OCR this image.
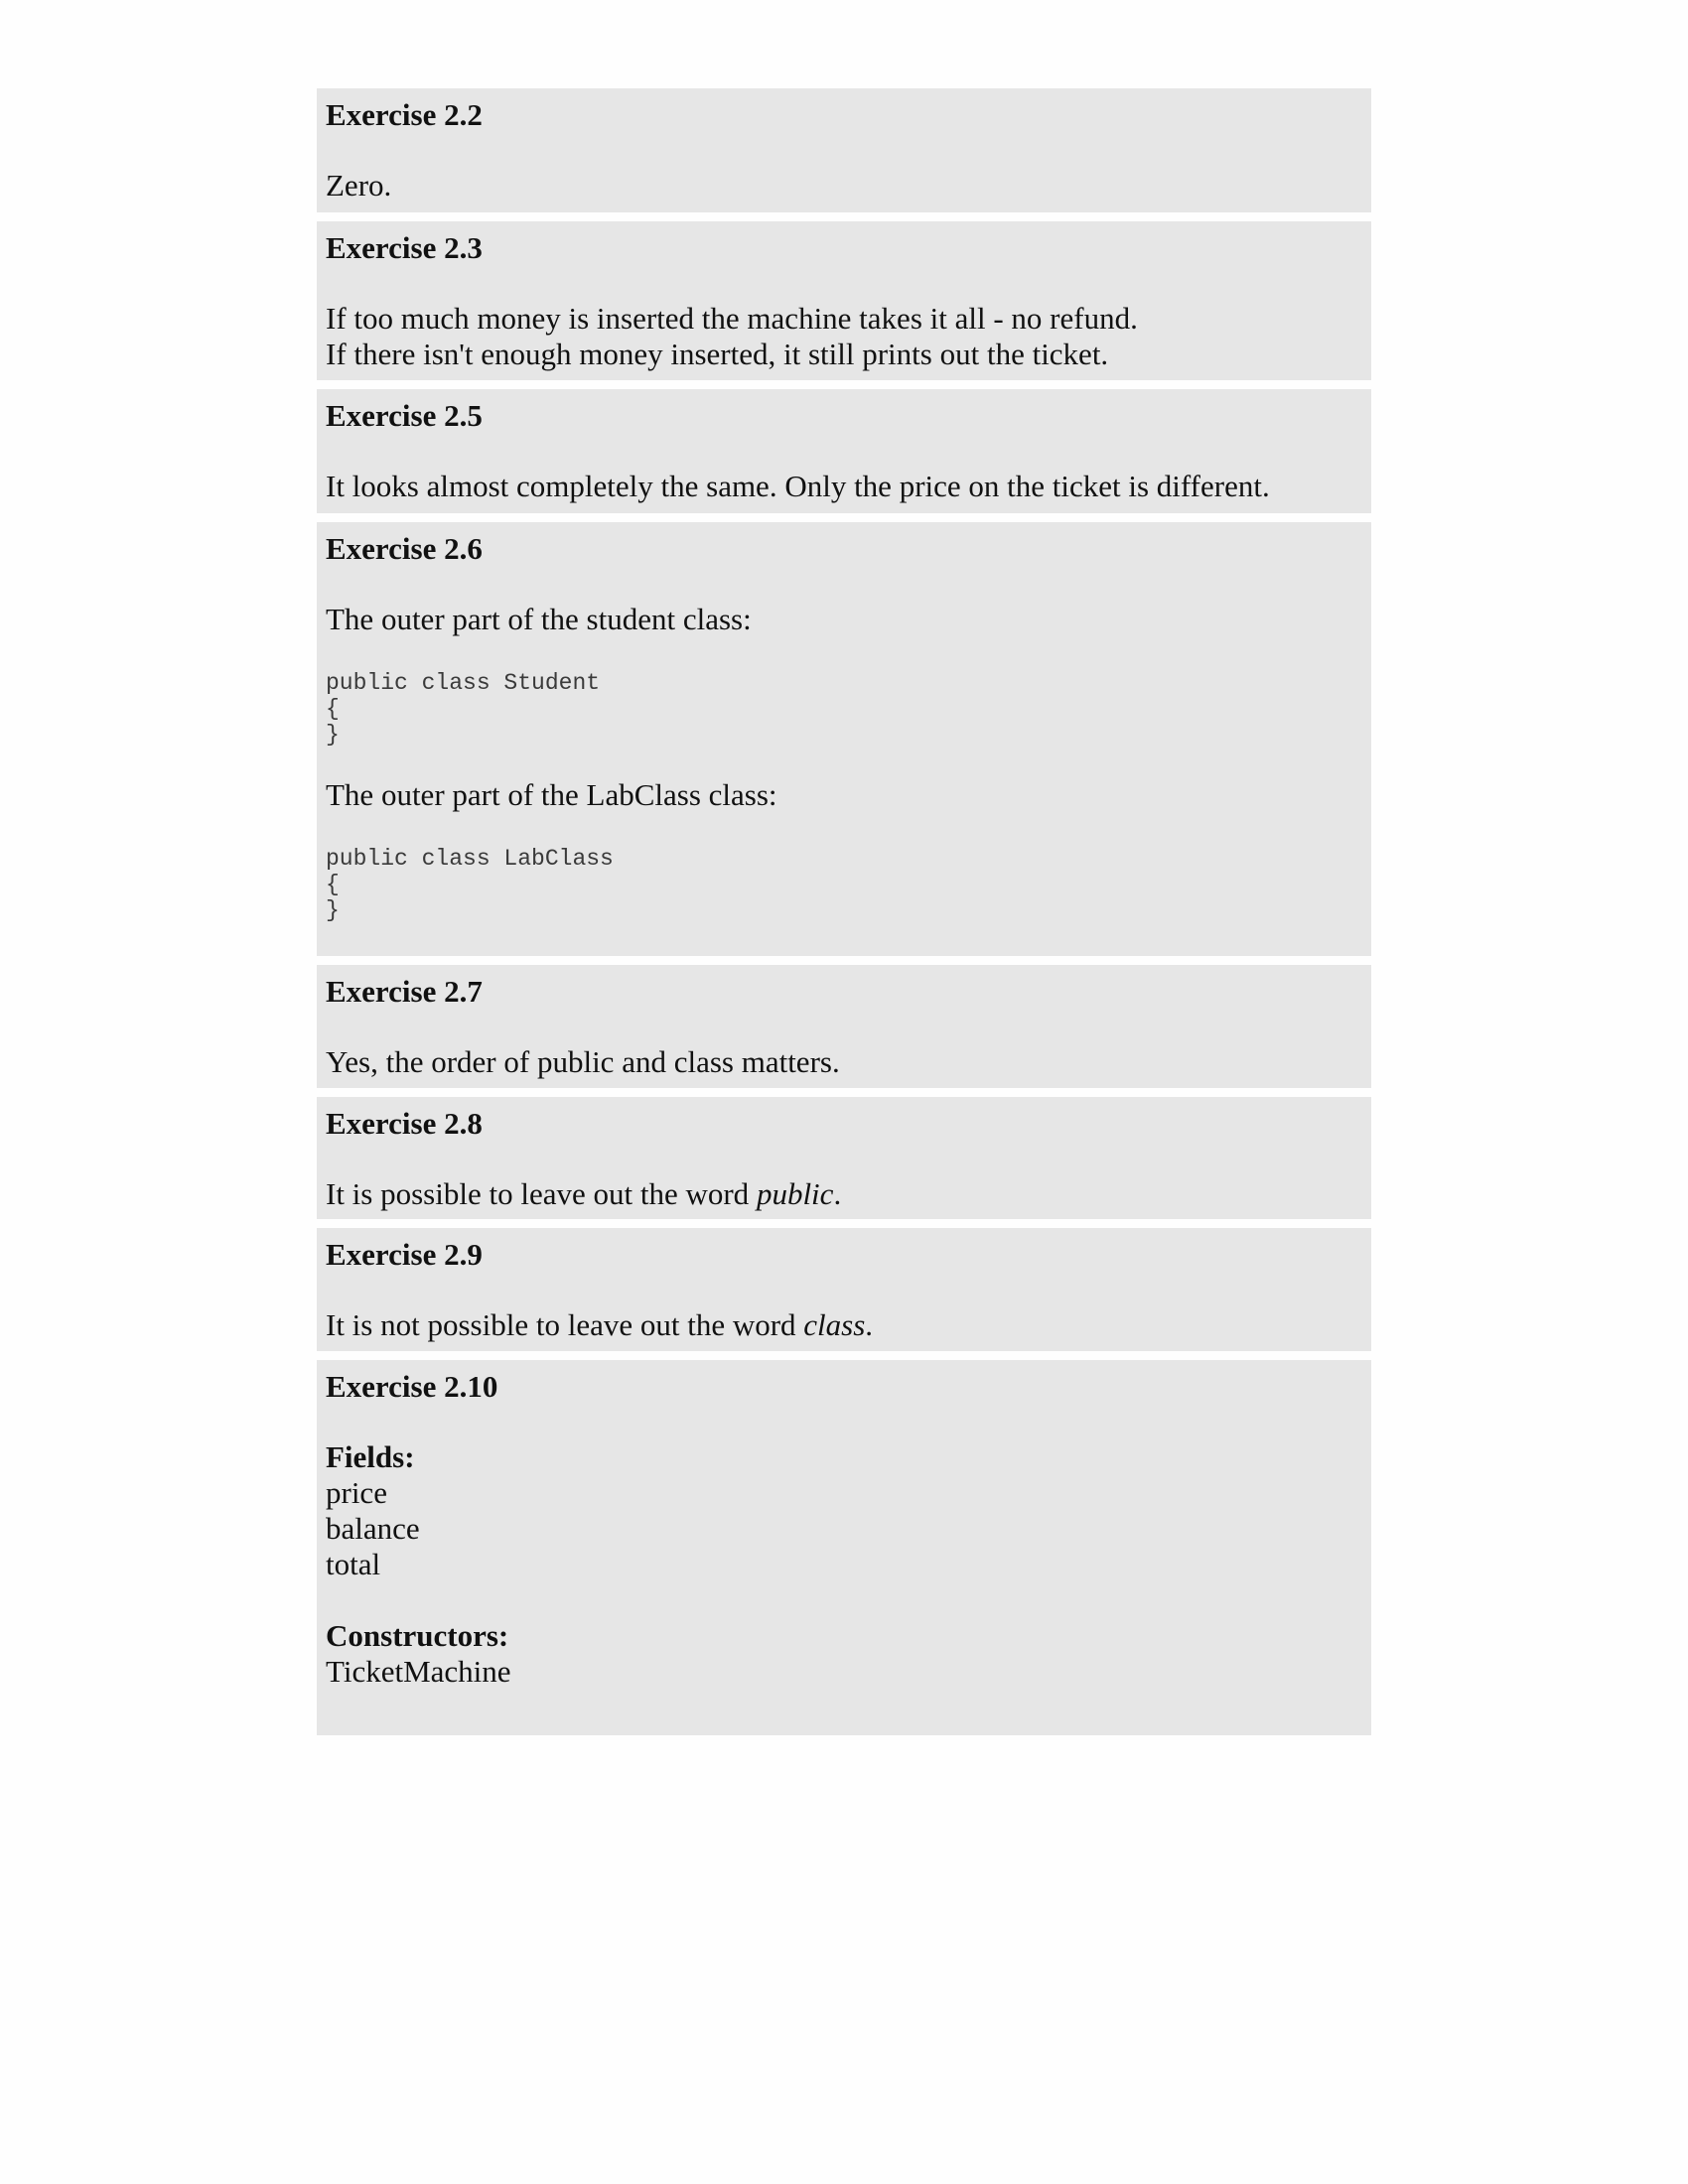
Exercise 2.2
Zero.
Exercise 2.3
If too much money is inserted the machine takes it all - no refund.
If there isn't enough money inserted, it still prints out the ticket.
Exercise 2.5
It looks almost completely the same. Only the price on the ticket is different.
Exercise 2.6
The outer part of the student class:
public class Student
{
}
The outer part of the LabClass class:
public class LabClass
{
}
Exercise 2.7
Yes, the order of public and class matters.
Exercise 2.8
It is possible to leave out the word public.
Exercise 2.9
It is not possible to leave out the word class.
Exercise 2.10
Fields:
price
balance
total
Constructors:
TicketMachine
